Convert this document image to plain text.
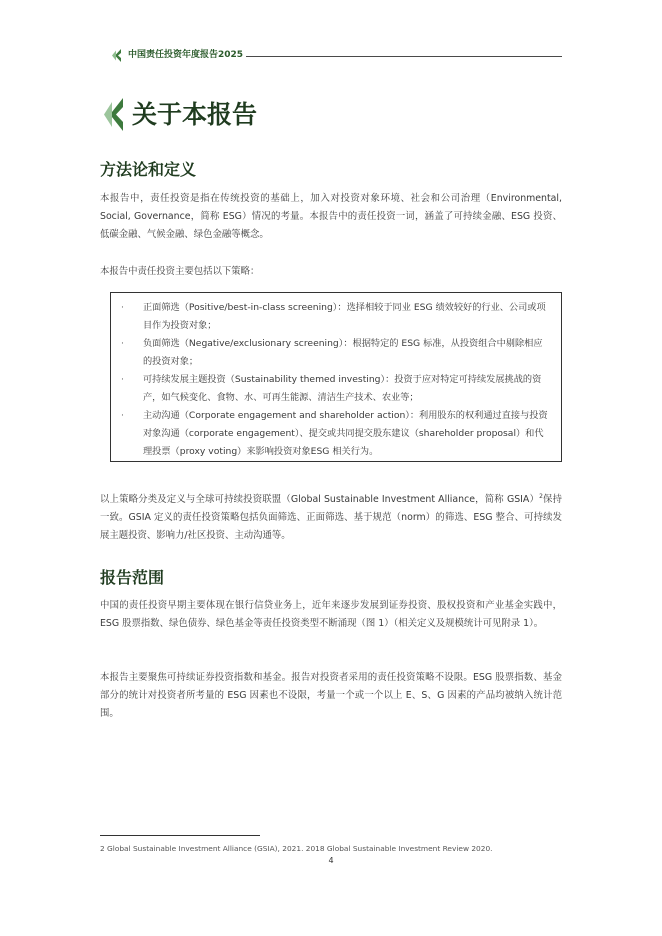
中国责任投资年度报告2025
关于本报告
方法论和定义

本报告中，责任投资是指在传统投资的基础上，加入对投资对象环境、社会和公司治理（Environmental, Social, Governance，简称 ESG）情况的考量。本报告中的责任投资一词，涵盖了可持续金融、ESG 投资、低碳金融、气候金融、绿色金融等概念。

本报告中责任投资主要包括以下策略：

· 正面筛选（Positive/best-in-class screening）：选择相较于同业 ESG 绩效较好的行业、公司或项目作为投资对象；
· 负面筛选（Negative/exclusionary screening）：根据特定的 ESG 标准，从投资组合中剔除相应的投资对象；
· 可持续发展主题投资（Sustainability themed investing）：投资于应对特定可持续发展挑战的资产，如气候变化、食物、水、可再生能源、清洁生产技术、农业等；
· 主动沟通（Corporate engagement and shareholder action）：利用股东的权利通过直接与投资对象沟通（corporate engagement）、提交或共同提交股东建议（shareholder proposal）和代理投票（proxy voting）来影响投资对象ESG 相关行为。

以上策略分类及定义与全球可持续投资联盟（Global Sustainable Investment Alliance，简称 GSIA）$^2$保持一致。GSIA 定义的责任投资策略包括负面筛选、正面筛选、基于规范（norm）的筛选、ESG 整合、可持续发展主题投资、影响力/社区投资、主动沟通等。

报告范围

中国的责任投资早期主要体现在银行信贷业务上，近年来逐步发展到证券投资、股权投资和产业基金实践中，ESG 股票指数、绿色债券、绿色基金等责任投资类型不断涌现（图 1）（相关定义及规模统计可见附录 1）。

本报告主要聚焦可持续证券投资指数和基金。报告对投资者采用的责任投资策略不设限。ESG 股票指数、基金部分的统计对投资者所考量的 ESG 因素也不设限，考量一个或一个以上 E、S、G 因素的产品均被纳入统计范围。

2 Global Sustainable Investment Alliance (GSIA), 2021. 2018 Global Sustainable Investment Review 2020.
4
